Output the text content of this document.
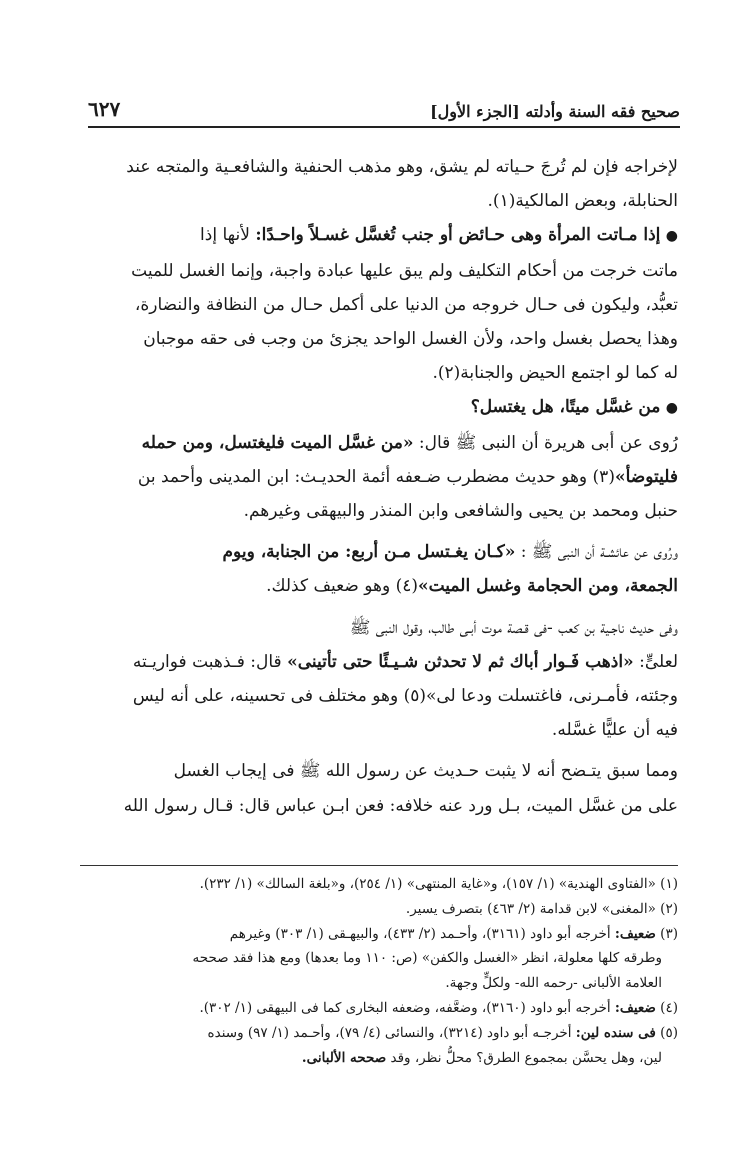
صحيح فقه السنة وأدلته [الجزء الأول]
٦٢٧

لإخراجه فإن لم تُرجَ حـياته لم يشق، وهو مذهب الحنفية والشافعـية والمتجه عند

الحنابلة، وبعض المالكية(١).

● إذا مـاتت المرأة وهى حـائض أو جنب تُغسَّل غسـلاً واحـدًا: لأنها إذا

ماتت خرجت من أحكام التكليف ولم يبق عليها عبادة واجبة، وإنما الغسل للميت

تعبُّد، وليكون فى حـال خروجه من الدنيا على أكمل حـال من النظافة والنضارة،

وهذا يحصل بغسل واحد، ولأن الغسل الواحد يجزئ من وجب فى حقه موجبان

له كما لو اجتمع الحيض والجنابة(٢).

● من غسَّل ميتًا، هل يغتسل؟

رُوى عن أبى هريرة أن النبى ﷺ قال: «من غسَّل الميت فليغتسل، ومن حمله

فليتوضأ»(٣) وهو حديث مضطرب ضـعفه أئمة الحديـث: ابن المدينى وأحمد بن

حنبل ومحمد بن يحيى والشافعى وابن المنذر والبيهقى وغيرهم.

ورُوى عن عائشـة أن النبى ﷺ : «كـان يغـتسل مـن أربع: من الجنابة، ويوم

الجمعة، ومن الحجامة وغسل الميت»(٤) وهو ضعيف كذلك.

وفى حديث ناجـية بن كعب -فى قـصة موت أبـى طالب، وقول النبى ﷺ

لعلىٍّ: «اذهب فَـوار أباك ثم لا تحدثن شـيـئًا حتى تأتينى» قال: فـذهبت فواريـته

وجئته، فأمـرنى، فاغتسلت ودعا لى»(٥) وهو مختلف فى تحسينه، على أنه ليس

فيه أن عليًّا غسَّله.

ومما سبق يتـضح أنه لا يثبت حـديث عن رسول الله ﷺ فى إيجاب الغسل

على من غسَّل الميت، بـل ورد عنه خلافه: فعن ابـن عباس قال: قـال رسول الله

(١) «الفتاوى الهندية» (١/ ١٥٧)، و«غاية المنتهى» (١/ ٢٥٤)، و«بلغة السالك» (١/ ٢٣٢).

(٢) «المغنى» لابن قدامة (٢/ ٤٦٣) بتصرف يسير.

(٣) ضعيف: أخرجه أبو داود (٣١٦١)، وأحـمد (٢/ ٤٣٣)، والبيهـقى (١/ ٣٠٣) وغيرهم

وطرقه كلها معلولة، انظر «الغسل والكفن» (ص: ١١٠ وما بعدها) ومع هذا فقد صححه

العلامة الألبانى -رحمه الله- ولكلٍّ وجهة.

(٤) ضعيف: أخرجه أبو داود (٣١٦٠)، وضعَّفه، وضعفه البخارى كما فى البيهقى (١/ ٣٠٢).

(٥) فى سنده لين: أخرجـه أبو داود (٣٢١٤)، والنسائى (٤/ ٧٩)، وأحـمد (١/ ٩٧) وسنده

لين، وهل يحسَّن بمجموع الطرق؟ محلُّ نظر، وقد صححه الألبانى.
